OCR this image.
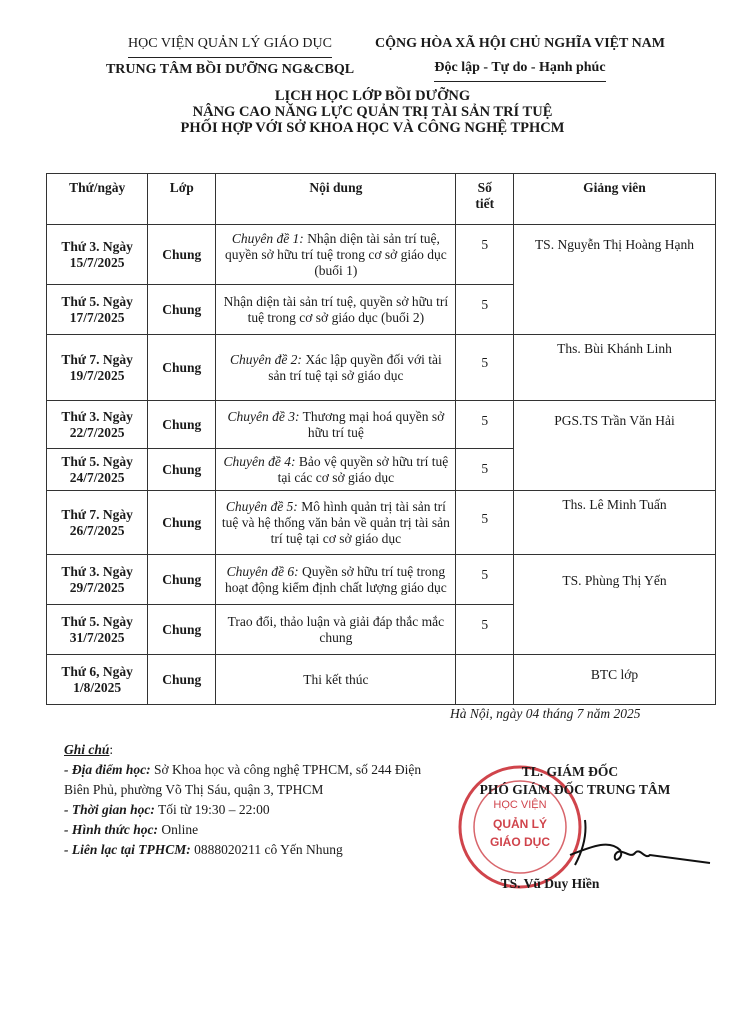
HỌC VIỆN QUẢN LÝ GIÁO DỤC
TRUNG TÂM BỒI DƯỠNG NG&CBQL
CỘNG HÒA XÃ HỘI CHỦ NGHĨA VIỆT NAM
Độc lập - Tự do - Hạnh phúc
LỊCH HỌC LỚP BỒI DƯỠNG
NÂNG CAO NĂNG LỰC QUẢN TRỊ TÀI SẢN TRÍ TUỆ
PHỐI HỢP VỚI SỞ KHOA HỌC VÀ CÔNG NGHỆ TPHCM
Thứ/ngày	Lớp	Nội dung	Số
tiết	Giảng viên
Thứ 3. Ngày
15/7/2025	Chung	Chuyên đề 1: Nhận diện tài sản trí tuệ, quyền sở hữu trí tuệ trong cơ sở giáo dục (buổi 1)	5	TS. Nguyễn Thị Hoàng Hạnh
Thứ 5. Ngày
17/7/2025	Chung	Nhận diện tài sản trí tuệ, quyền sở hữu trí tuệ trong cơ sở giáo dục (buổi 2)	5	
Thứ 7. Ngày
19/7/2025	Chung	Chuyên đề 2: Xác lập quyền đối với tài sản trí tuệ tại sở giáo dục	5	Ths. Bùi Khánh Linh
Thứ 3. Ngày
22/7/2025	Chung	Chuyên đề 3: Thương mại hoá quyền sở hữu trí tuệ	5	PGS.TS Trần Văn Hải
Thứ 5. Ngày
24/7/2025	Chung	Chuyên đề 4: Bảo vệ quyền sở hữu trí tuệ tại các cơ sở giáo dục	5	
Thứ 7. Ngày
26/7/2025	Chung	Chuyên đề 5: Mô hình quản trị tài sản trí tuệ và hệ thống văn bản về quản trị tài sản trí tuệ tại cơ sở giáo dục	5	Ths. Lê Minh Tuấn
Thứ 3. Ngày
29/7/2025	Chung	Chuyên đề 6: Quyền sở hữu trí tuệ trong hoạt động kiểm định chất lượng giáo dục	5	TS. Phùng Thị Yến
Thứ 5. Ngày
31/7/2025	Chung	Trao đổi, thảo luận và giải đáp thắc mắc chung	5	
Thứ 6, Ngày
1/8/2025	Chung	Thi kết thúc		BTC lớp
Hà Nội, ngày 04 tháng 7 năm 2025
Ghi chú:
- Địa điểm học: Sở Khoa học và công nghệ TPHCM, số 244 Điện Biên Phủ, phường Võ Thị Sáu, quận 3, TPHCM
- Thời gian học: Tối từ 19:30 – 22:00
- Hình thức học: Online
- Liên lạc tại TPHCM: 0888020211 cô Yến Nhung
HỌC VIỆN
QUẢN LÝ
GIÁO DỤC
TL. GIÁM ĐỐC
PHÓ GIÁM ĐỐC TRUNG TÂM
TS. Vũ Duy Hiền
